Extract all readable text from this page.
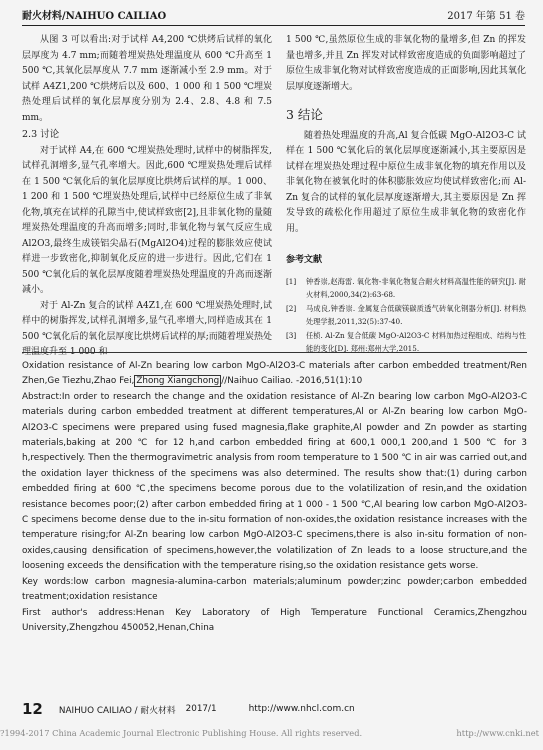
耐火材料/NAIHUO CAILIAO	2017 年第 51 卷

从图 3 可以看出:对于试样 A4,200 ℃烘烤后试样的氧化层厚度为 4.7 mm;而随着埋炭热处理温度从 600 ℃升高至 1 500 ℃,其氧化层厚度从 7.7 mm 逐渐减小至 2.9 mm。对于试样 A4Z1,200 ℃烘烤后以及 600、1 000 和 1 500 ℃埋炭热处理后试样的氧化层厚度分别为 2.4、2.8、4.8 和 7.5 mm。

2.3 讨论

对于试样 A4,在 600 ℃埋炭热处理时,试样中的树脂挥发,试样孔洞增多,显气孔率增大。因此,600 ℃埋炭热处理后试样在 1 500 ℃氧化后的氧化层厚度比烘烤后试样的厚。1 000、1 200 和 1 500 ℃埋炭热处理后,试样中已经原位生成了非氧化物,填充在试样的孔隙当中,使试样致密[2],且非氧化物的量随埋炭热处理温度的升高而增多;同时,非氧化物与氧气反应生成 Al2O3,最终生成镁铝尖晶石(MgAl2O4)过程的膨胀效应使试样进一步致密化,抑制氧化反应的进一步进行。因此,它们在 1 500 ℃氧化后的氧化层厚度随着埋炭热处理温度的升高而逐渐减小。

对于 Al-Zn 复合的试样 A4Z1,在 600 ℃埋炭热处理时,试样中的树脂挥发,试样孔洞增多,显气孔率增大,同样造成其在 1 500 ℃氧化后的氧化层厚度比烘烤后试样的厚;而随着埋炭热处理温度升至 1 000 和

1 500 ℃,虽然原位生成的非氧化物的量增多,但 Zn 的挥发量也增多,并且 Zn 挥发对试样致密度造成的负面影响超过了原位生成非氧化物对试样致密度造成的正面影响,因此其氧化层厚度逐渐增大。

3 结论

随着热处理温度的升高,Al 复合低碳 MgO-Al2O3-C 试样在 1 500 ℃氧化后的氧化层厚度逐渐减小,其主要原因是试样在埋炭热处理过程中原位生成非氧化物的填充作用以及非氧化物在被氧化时的体积膨胀效应均使试样致密化;而 Al-Zn 复合的试样的氧化层厚度逐渐增大,其主要原因是 Zn 挥发导致的疏松化作用超过了原位生成非氧化物的致密化作用。

参考文献
[1]	钟香崇,赵海雷. 氧化物-非氧化物复合耐火材料高温性能的研究[J]. 耐火材料,2000,34(2):63-68.
[2]	马成良,钟香崇. 金属复合低碳镁碳质透气砖氧化钢器分析[J]. 材料热处理学报,2011,32(5):37-40.
[3]	任桢. Al-Zn 复合低碳 MgO-Al2O3-C 材料加热过程组成、结构与性能的变化[D]. 郑州:郑州大学,2015.

Oxidation resistance of Al-Zn bearing low carbon MgO-Al2O3-C materials after carbon embedded treatment/Ren Zhen,Ge Tiezhu,Zhao Fei, Zhong Xiangchong //Naihuo Cailiao. -2016,51(1):10

Abstract:In order to research the change and the oxidation resistance of Al-Zn bearing low carbon MgO-Al2O3-C materials during carbon embedded treatment at different temperatures,Al or Al-Zn bearing low carbon MgO-Al2O3-C specimens were prepared using fused magnesia,flake graphite,Al powder and Zn powder as starting materials,baking at 200 ℃ for 12 h,and carbon embedded firing at 600,1 000,1 200,and 1 500 ℃ for 3 h,respectively. Then the thermogravimetric analysis from room temperature to 1 500 ℃ in air was carried out,and the oxidation layer thickness of the specimens was also determined. The results show that:(1) during carbon embedded firing at 600 ℃,the specimens become porous due to the volatilization of resin,and the oxidation resistance becomes poor;(2) after carbon embedded firing at 1 000 - 1 500 ℃,Al bearing low carbon MgO-Al2O3-C specimens become dense due to the in-situ formation of non-oxides,the oxidation resistance increases with the temperature rising;for Al-Zn bearing low carbon MgO-Al2O3-C specimens,there is also in-situ formation of non-oxides,causing densification of specimens,however,the volatilization of Zn leads to a loose structure,and the loosening exceeds the densification with the temperature rising,so the oxidation resistance gets worse.

Key words:low carbon magnesia-alumina-carbon materials;aluminum powder;zinc powder;carbon embedded treatment;oxidation resistance

First author's address:Henan Key Laboratory of High Temperature Functional Ceramics,Zhengzhou University,Zhengzhou 450052,Henan,China

12 NAIHUO CAILIAO / 耐火材料 2017/1	http://www.nhcl.com.cn
?1994-2017 China Academic Journal Electronic Publishing House. All rights reserved.	http://www.cnki.net
